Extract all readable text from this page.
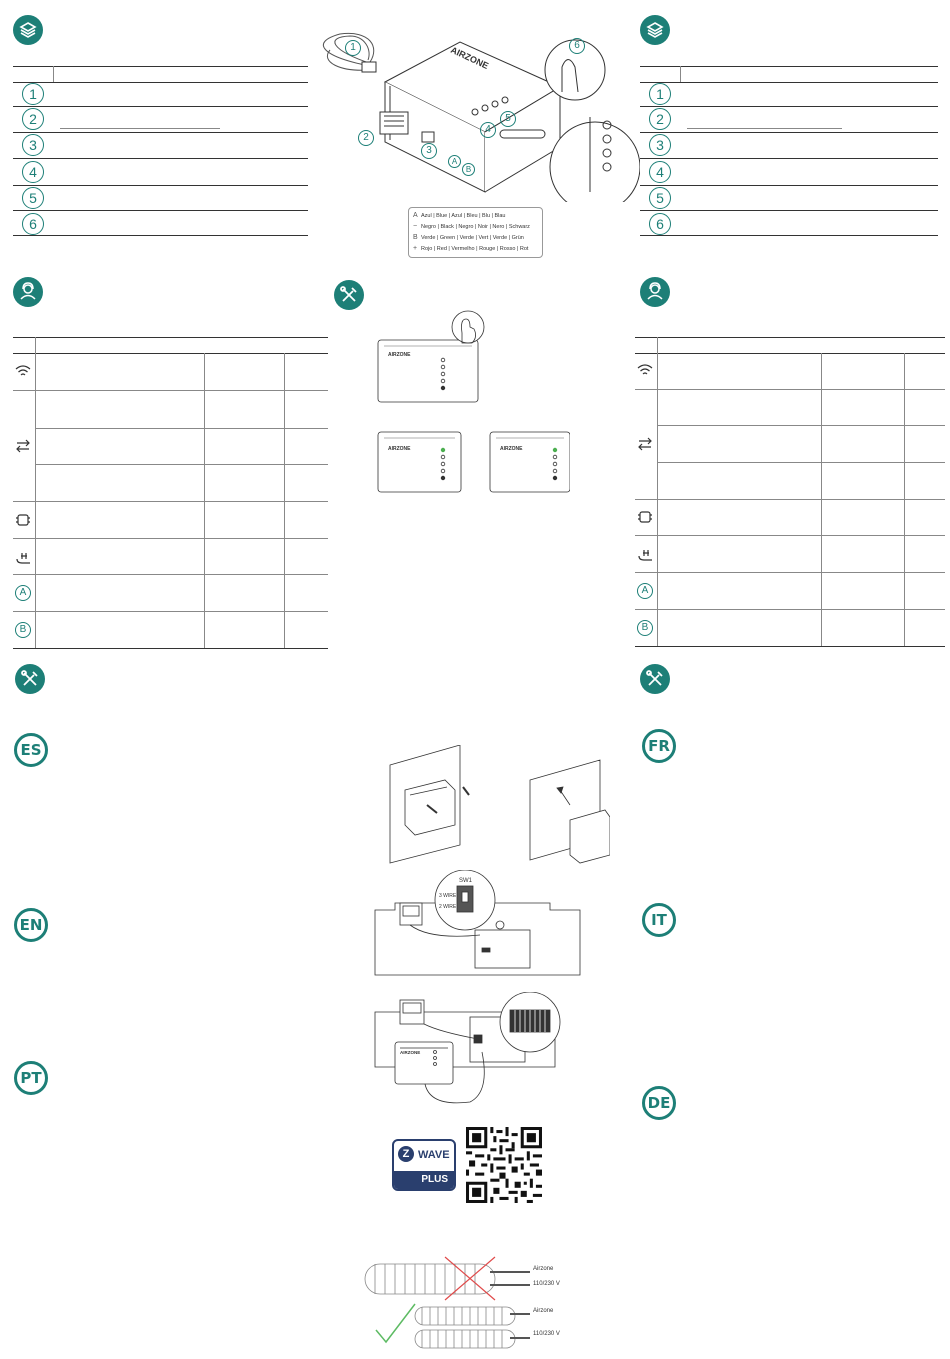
1
2
3
4
5
6
1
2
3
4
5
6
AIRZONE
1
2
3
4
5
6
A
B
A Azul | Blue | Azul | Bleu | Blu | Blau
− Negro | Black | Negro | Noir | Nero | Schwarz
B Verde | Green | Verde | Vert | Verde | Grün
+ Rojo | Red | Vermelho | Rouge | Rosso | Rot
A
B
A
B
AIRZONE
AIRZONE	AIRZONE
ES
EN
PT
FR
IT
DE
SW1
3 WIRE
2 WIRE
AIRZONE
Z WAVE
PLUS
Airzone
110/230 V
Airzone
110/230 V
